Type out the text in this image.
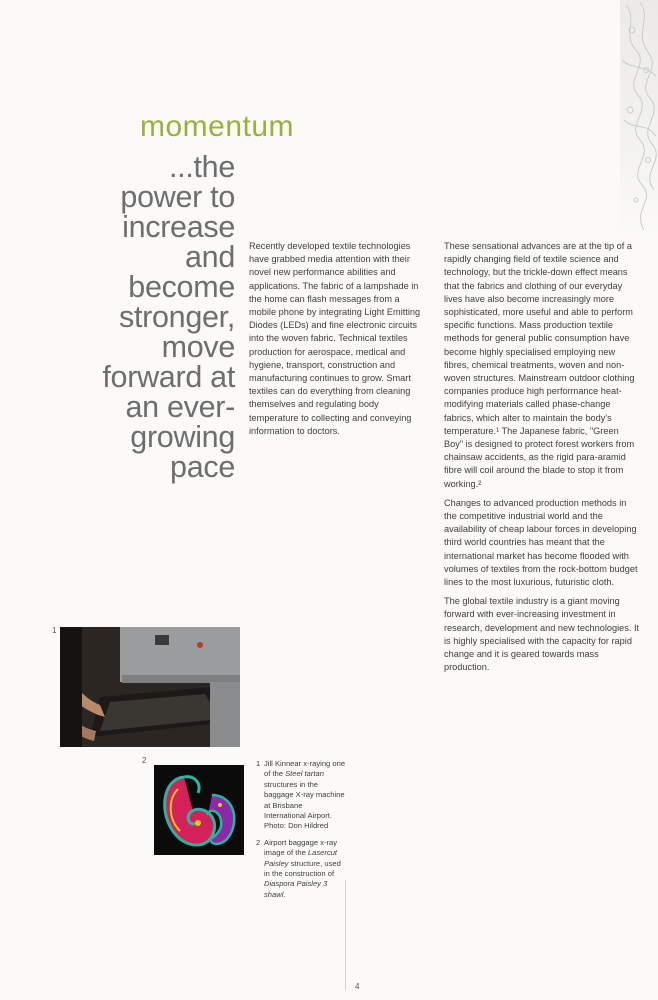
momentum
...the
power to
increase
and
become
stronger,
move
forward at
an ever-
growing
pace

Recently developed textile technologies have grabbed media attention with their novel new performance abilities and applications. The fabric of a lampshade in the home can flash messages from a mobile phone by integrating Light Emitting Diodes (LEDs) and fine electronic circuits into the woven fabric. Technical textiles production for aerospace, medical and hygiene, transport, construction and manufacturing continues to grow. Smart textiles can do everything from cleaning themselves and regulating body temperature to collecting and conveying information to doctors.

These sensational advances are at the tip of a rapidly changing field of textile science and technology, but the trickle-down effect means that the fabrics and clothing of our everyday lives have also become increasingly more sophisticated, more useful and able to perform specific functions. Mass production textile methods for general public consumption have become highly specialised employing new fibres, chemical treatments, woven and non-woven structures. Mainstream outdoor clothing companies produce high performance heat-modifying materials called phase-change fabrics, which alter to maintain the body's temperature.¹ The Japanese fabric, "Green Boy" is designed to protect forest workers from chainsaw accidents, as the rigid para-aramid fibre will coil around the blade to stop it from working.²

Changes to advanced production methods in the competitive industrial world and the availability of cheap labour forces in developing third world countries has meant that the international market has become flooded with volumes of textiles from the rock-bottom budget lines to the most luxurious, futuristic cloth.

The global textile industry is a giant moving forward with ever-increasing investment in research, development and new technologies. It is highly specialised with the capacity for rapid change and it is geared towards mass production.

1
2	1 Jill Kinnear x-raying one of the Steel tartan structures in the baggage X-ray machine at Brisbane International Airport.
Photo: Don Hildred
2 Airport baggage x-ray image of the Lasercut Paisley structure, used in the construction of Diaspora Paisley 3 shawl.
4
